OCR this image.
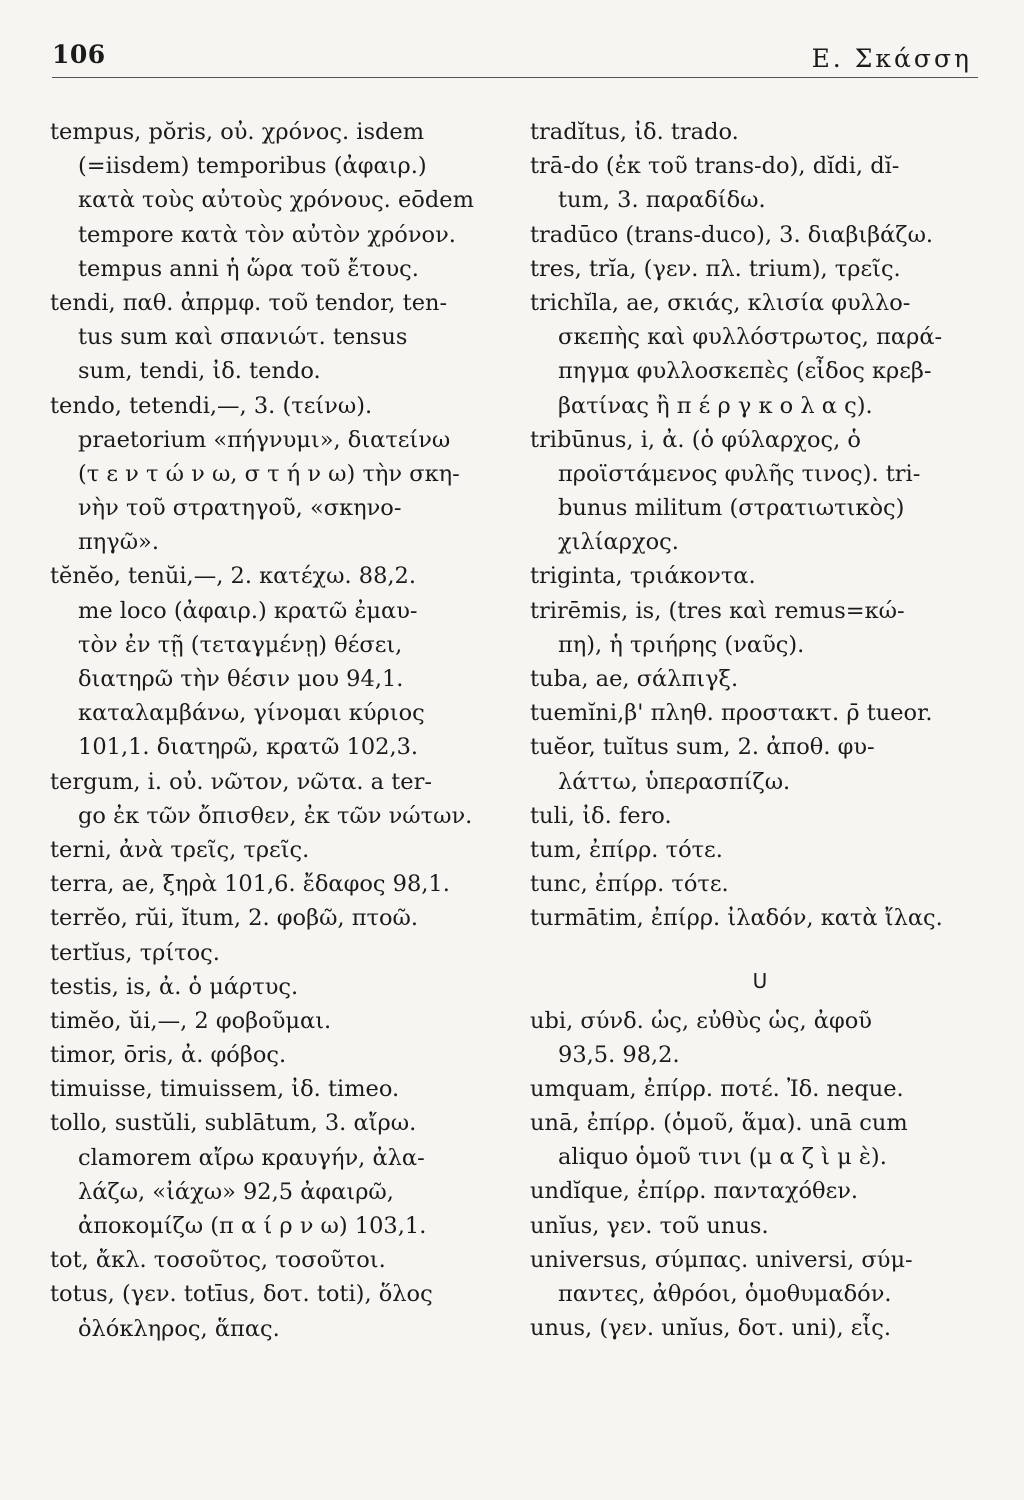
106	Ε. Σκάσση
tempus, pŏris, οὐ. χρόνος. isdem
(=iisdem) temporibus (ἀφαιρ.)
κατὰ τοὺς αὐτοὺς χρόνους. eōdem
tempore κατὰ τὸν αὐτὸν χρόνον.
tempus anni ἡ ὥρα τοῦ ἔτους.
tendi, παθ. ἀπρμφ. τοῦ tendor, ten-
tus sum καὶ σπανιώτ. tensus
sum, tendi, ἰδ. tendo.
tendo, tetendi,—, 3. (τείνω).
praetorium «πήγνυμι», διατείνω
(τ ε ν τ ώ ν ω, σ τ ή ν ω) τὴν σκη-
νὴν τοῦ στρατηγοῦ, «σκηνο-
πηγῶ».
tĕnĕo, tenŭi,—, 2. κατέχω. 88,2.
me loco (ἀφαιρ.) κρατῶ ἐμαυ-
τὸν ἐν τῇ (τεταγμένῃ) θέσει,
διατηρῶ τὴν θέσιν μου 94,1.
καταλαμβάνω, γίνομαι κύριος
101,1. διατηρῶ, κρατῶ 102,3.
tergum, i. οὐ. νῶτον, νῶτα. a ter-
go ἐκ τῶν ὄπισθεν, ἐκ τῶν νώτων.
terni, ἀνὰ τρεῖς, τρεῖς.
terra, ae, ξηρὰ 101,6. ἔδαφος 98,1.
terrĕo, rŭi, ĭtum, 2. φοβῶ, πτοῶ.
tertĭus, τρίτος.
testis, is, ἀ. ὁ μάρτυς.
timĕo, ŭi,—, 2 φοβοῦμαι.
timor, ōris, ἀ. φόβος.
timuisse, timuissem, ἰδ. timeo.
tollo, sustŭli, sublātum, 3. αἴρω.
clamorem αἴρω κραυγήν, ἀλα-
λάζω, «ἰάχω» 92,5 ἀφαιρῶ,
ἀποκομίζω (π α ί ρ ν ω) 103,1.
tot, ἄκλ. τοσοῦτος, τοσοῦτοι.
totus, (γεν. totīus, δοτ. toti), ὅλος
ὁλόκληρος, ἅπας.
tradĭtus, ἰδ. trado.
trā-do (ἐκ τοῦ trans-do), dĭdi, dĭ-
tum, 3. παραδίδω.
tradūco (trans-duco), 3. διαβιβάζω.
tres, trĭa, (γεν. πλ. trium), τρεῖς.
trichĭla, ae, σκιάς, κλισία φυλλο-
σκεπὴς καὶ φυλλόστρωτος, παρά-
πηγμα φυλλοσκεπὲς (εἶδος κρεβ-
βατίνας ἢ π έ ρ γ κ ο λ α ς).
tribūnus, i, ἀ. (ὁ φύλαρχος, ὁ
προϊστάμενος φυλῆς τινος). tri-
bunus militum (στρατιωτικὸς)
χιλίαρχος.
triginta, τριάκοντα.
trirēmis, is, (tres καὶ remus=κώ-
πη), ἡ τριήρης (ναῦς).
tuba, ae, σάλπιγξ.
tuemĭni,β' πληθ. προστακτ. ρ̄ tueor.
tuĕor, tuĭtus sum, 2. ἀποθ. φυ-
λάττω, ὑπερασπίζω.
tuli, ἰδ. fero.
tum, ἐπίρρ. τότε.
tunc, ἐπίρρ. τότε.
turmātim, ἐπίρρ. ἰλαδόν, κατὰ ἴλας.
U
ubi, σύνδ. ὡς, εὐθὺς ὡς, ἀφοῦ
93,5. 98,2.
umquam, ἐπίρρ. ποτέ. Ἰδ. neque.
unā, ἐπίρρ. (ὁμοῦ, ἅμα). unā cum
aliquo ὁμοῦ τινι (μ α ζ ὶ μ ὲ).
undĭque, ἐπίρρ. πανταχόθεν.
unĭus, γεν. τοῦ unus.
universus, σύμπας. universi, σύμ-
παντες, ἀθρόοι, ὁμοθυμαδόν.
unus, (γεν. unĭus, δοτ. uni), εἷς.
